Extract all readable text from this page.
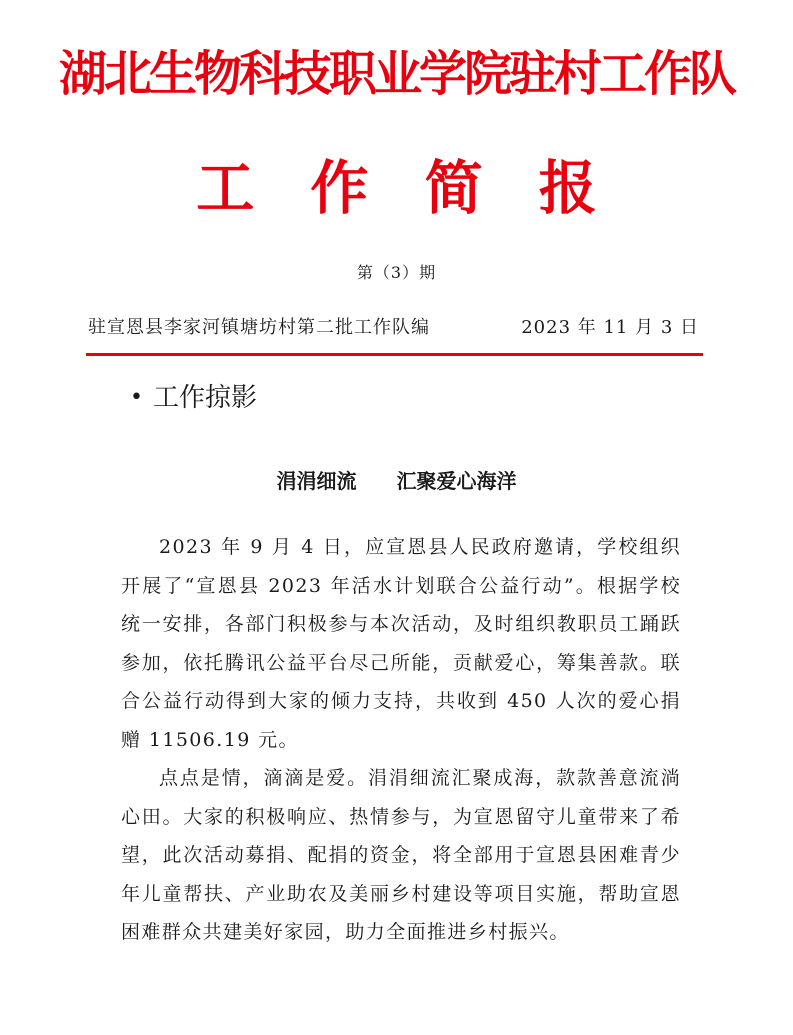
湖北生物科技职业学院驻村工作队
工 作 简 报
第（3）期
驻宣恩县李家河镇塘坊村第二批工作队编	2023 年 11 月 3 日
• 工作掠影
涓涓细流 汇聚爱心海洋

2023 年 9 月 4 日，应宣恩县人民政府邀请，学校组织开展了“宣恩县 2023 年活水计划联合公益行动”。根据学校统一安排，各部门积极参与本次活动，及时组织教职员工踊跃参加，依托腾讯公益平台尽己所能，贡献爱心，筹集善款。联合公益行动得到大家的倾力支持，共收到 450 人次的爱心捐赠 11506.19 元。

点点是情，滴滴是爱。涓涓细流汇聚成海，款款善意流淌心田。大家的积极响应、热情参与，为宣恩留守儿童带来了希望，此次活动募捐、配捐的资金，将全部用于宣恩县困难青少年儿童帮扶、产业助农及美丽乡村建设等项目实施，帮助宣恩困难群众共建美好家园，助力全面推进乡村振兴。
